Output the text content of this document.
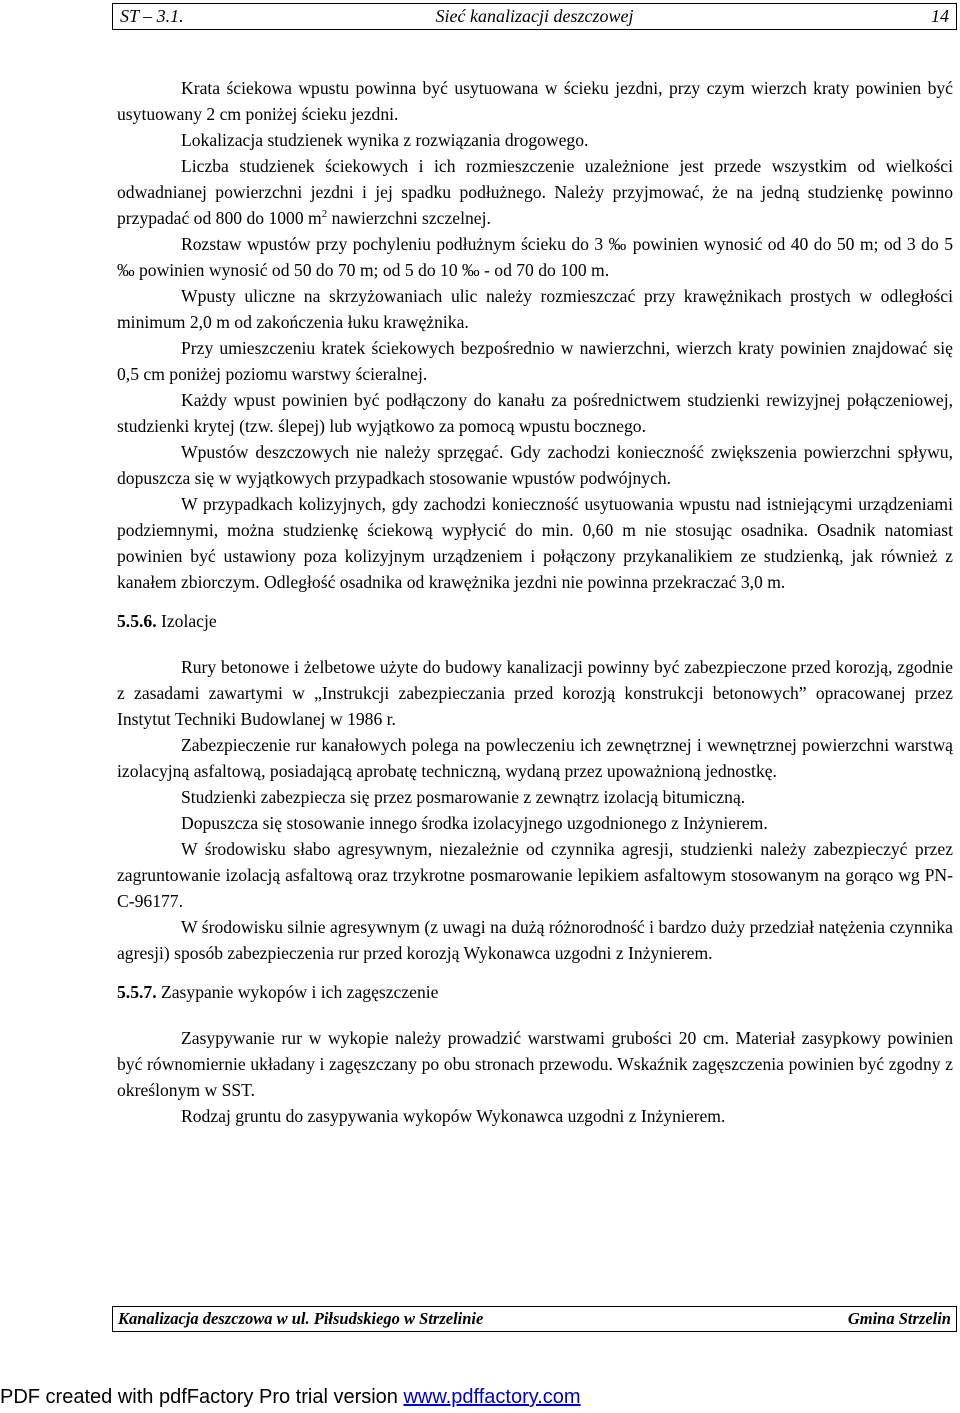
ST – 3.1.	Sieć kanalizacji deszczowej	14

Krata ściekowa wpustu powinna być usytuowana w ścieku jezdni, przy czym wierzch kraty powinien być usytuowany 2 cm poniżej ścieku jezdni.

Lokalizacja studzienek wynika z rozwiązania drogowego.

Liczba studzienek ściekowych i ich rozmieszczenie uzależnione jest przede wszystkim od wielkości odwadnianej powierzchni jezdni i jej spadku podłużnego. Należy przyjmować, że na jedną studzienkę powinno przypadać od 800 do 1000 $m^2$ nawierzchni szczelnej.

Rozstaw wpustów przy pochyleniu podłużnym ścieku do 3 ‰ powinien wynosić od 40 do 50 m; od 3 do 5 ‰ powinien wynosić od 50 do 70 m; od 5 do 10 ‰ - od 70 do 100 m.

Wpusty uliczne na skrzyżowaniach ulic należy rozmieszczać przy krawężnikach prostych w odległości minimum 2,0 m od zakończenia łuku krawężnika.

Przy umieszczeniu kratek ściekowych bezpośrednio w nawierzchni, wierzch kraty powinien znajdować się 0,5 cm poniżej poziomu warstwy ścieralnej.

Każdy wpust powinien być podłączony do kanału za pośrednictwem studzienki rewizyjnej połączeniowej, studzienki krytej (tzw. ślepej) lub wyjątkowo za pomocą wpustu bocznego.

Wpustów deszczowych nie należy sprzęgać. Gdy zachodzi konieczność zwiększenia powierzchni spływu, dopuszcza się w wyjątkowych przypadkach stosowanie wpustów podwójnych.

W przypadkach kolizyjnych, gdy zachodzi konieczność usytuowania wpustu nad istniejącymi urządzeniami podziemnymi, można studzienkę ściekową wypłycić do min. 0,60 m nie stosując osadnika. Osadnik natomiast powinien być ustawiony poza kolizyjnym urządzeniem i połączony przykanalikiem ze studzienką, jak również z kanałem zbiorczym. Odległość osadnika od krawężnika jezdni nie powinna przekraczać 3,0 m.

5.5.6. Izolacje

Rury betonowe i żelbetowe użyte do budowy kanalizacji powinny być zabezpieczone przed korozją, zgodnie z zasadami zawartymi w „Instrukcji zabezpieczania przed korozją konstrukcji betonowych” opracowanej przez Instytut Techniki Budowlanej w 1986 r.

Zabezpieczenie rur kanałowych polega na powleczeniu ich zewnętrznej i wewnętrznej powierzchni warstwą izolacyjną asfaltową, posiadającą aprobatę techniczną, wydaną przez upoważnioną jednostkę.

Studzienki zabezpiecza się przez posmarowanie z zewnątrz izolacją bitumiczną.

Dopuszcza się stosowanie innego środka izolacyjnego uzgodnionego z Inżynierem.

W środowisku słabo agresywnym, niezależnie od czynnika agresji, studzienki należy zabezpieczyć przez zagruntowanie izolacją asfaltową oraz trzykrotne posmarowanie lepikiem asfaltowym stosowanym na gorąco wg PN-C-96177.

W środowisku silnie agresywnym (z uwagi na dużą różnorodność i bardzo duży przedział natężenia czynnika agresji) sposób zabezpieczenia rur przed korozją Wykonawca uzgodni z Inżynierem.

5.5.7. Zasypanie wykopów i ich zagęszczenie

Zasypywanie rur w wykopie należy prowadzić warstwami grubości 20 cm. Materiał zasypkowy powinien być równomiernie układany i zagęszczany po obu stronach przewodu. Wskaźnik zagęszczenia powinien być zgodny z określonym w SST.

Rodzaj gruntu do zasypywania wykopów Wykonawca uzgodni z Inżynierem.

Kanalizacja deszczowa w ul. Piłsudskiego w Strzelinie	Gmina Strzelin
PDF created with pdfFactory Pro trial version www.pdffactory.com
